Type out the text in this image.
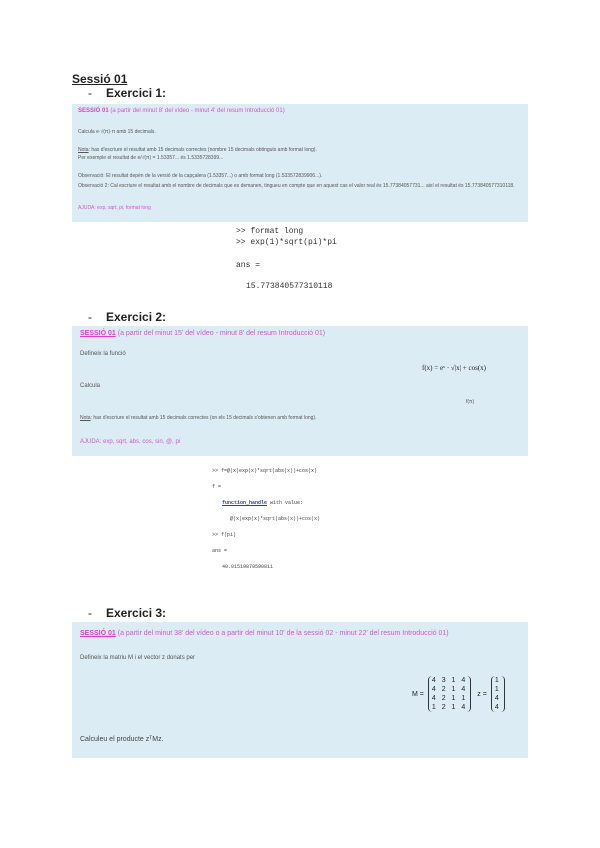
Sessió 01
- Exercici 1:
SESSIÓ 01 (a partir del minut 8' del vídeo - minut 4' del resum Introducció 01)
Calcula e·√(π)·π amb 15 decimals.
Nota: has d'escriure el resultat amb 15 decimals correctes (nombre 15 decimals obtinguts amb format long).
Per exemple el resultat de e/√(π) = 1.53357... és 1.5335728399...
Observació: El resultat depèn de la versió de la capçalera (1.53357...) o amb format long (1.533572839906...).
Observació 2: Cal escriure el resultat amb el nombre de decimals que es demanen, tingueu en compte que en aquest cas el valor real és 15.77384057731... així el resultat és 15.773840577310118.
AJUDA: exp, sqrt, pi, format long
>> format long
>> exp(1)*sqrt(pi)*pi
ans =
15.773840577310118
- Exercici 2:
SESSIÓ 01 (a partir del minut 15' del vídeo - minut 8' del resum Introducció 01)
Defineix la funció
f(x) = eˣ · √|x| + cos(x)
Calcula
f(π)
Nota: has d'escriure el resultat amb 15 decimals correctes (on els 15 decimals s'obtenen amb format long).
AJUDA: exp, sqrt, abs, cos, sin, @, pi
>> f=@(x)exp(x)*sqrt(abs(x))+cos(x)
f =
function_handle with value:
@(x)exp(x)*sqrt(abs(x))+cos(x)
>> f(pi)
ans =
40.01519879590811
- Exercici 3:
SESSIÓ 01 (a partir del minut 38' del vídeo o a partir del minut 10' de la sessió 02 - minut 22' del resum Introducció 01)
Defineix la matriu M i el vector z donats per
M =
4 3 1 4
4 2 1 4
4 2 1 1
1 2 1 4
z =
1
1
4
4
Calculeu el producte zᵀMz.
